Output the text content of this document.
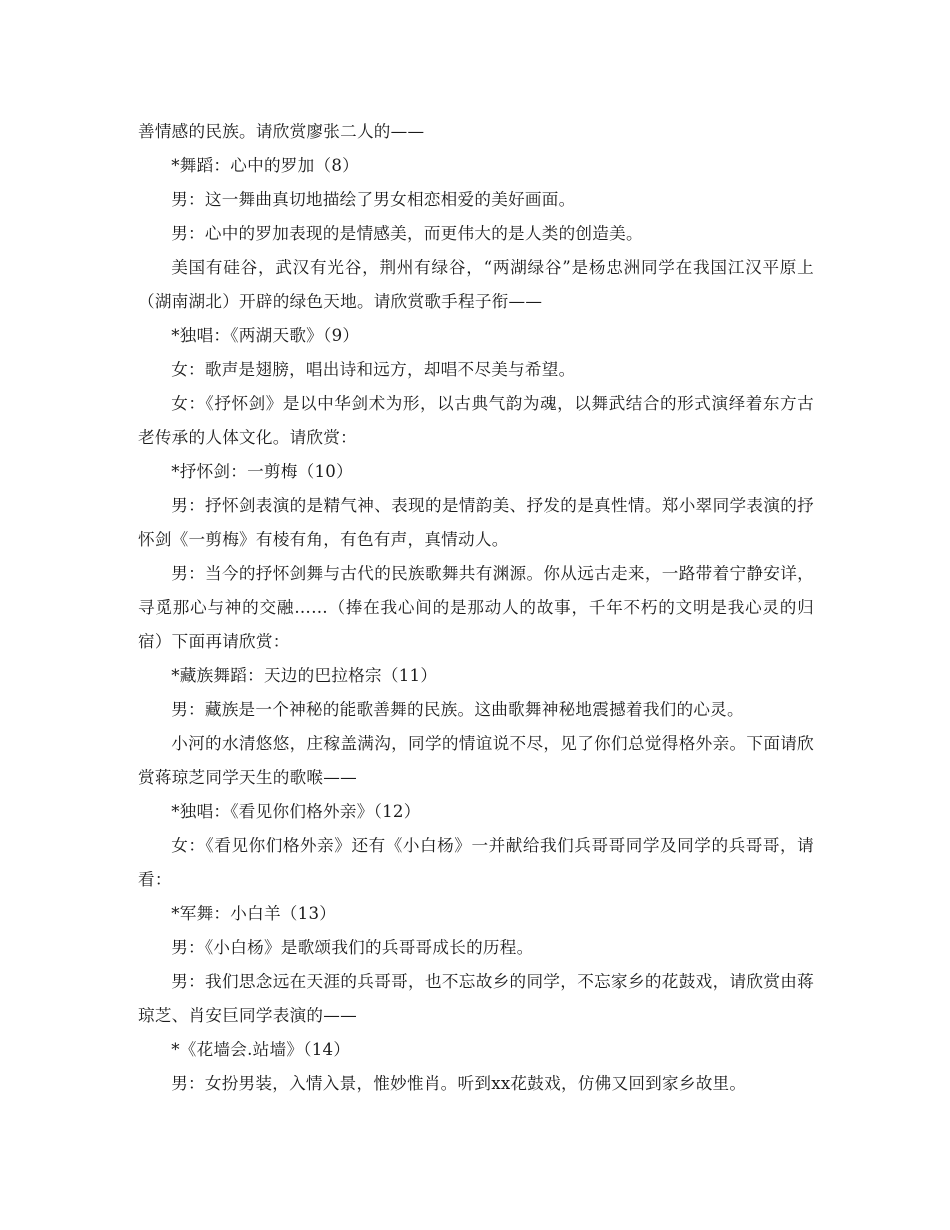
善情感的民族。请欣赏廖张二人的——

*舞蹈：心中的罗加（8）

男：这一舞曲真切地描绘了男女相恋相爱的美好画面。

男：心中的罗加表现的是情感美，而更伟大的是人类的创造美。

美国有硅谷，武汉有光谷，荆州有绿谷，“两湖绿谷”是杨忠洲同学在我国江汉平原上（湖南湖北）开辟的绿色天地。请欣赏歌手程子衔——

*独唱：《两湖天歌》（9）

女：歌声是翅膀，唱出诗和远方，却唱不尽美与希望。

女：《抒怀剑》是以中华剑术为形，以古典气韵为魂，以舞武结合的形式演绎着东方古老传承的人体文化。请欣赏：

*抒怀剑：一剪梅（10）

男：抒怀剑表演的是精气神、表现的是情韵美、抒发的是真性情。郑小翠同学表演的抒怀剑《一剪梅》有棱有角，有色有声，真情动人。

男：当今的抒怀剑舞与古代的民族歌舞共有渊源。你从远古走来，一路带着宁静安详，寻觅那心与神的交融……（捧在我心间的是那动人的故事，千年不朽的文明是我心灵的归宿）下面再请欣赏：

*藏族舞蹈：天边的巴拉格宗（11）

男：藏族是一个神秘的能歌善舞的民族。这曲歌舞神秘地震撼着我们的心灵。

小河的水清悠悠，庄稼盖满沟，同学的情谊说不尽，见了你们总觉得格外亲。下面请欣赏蒋琼芝同学天生的歌喉——

*独唱：《看见你们格外亲》（12）

女：《看见你们格外亲》还有《小白杨》一并献给我们兵哥哥同学及同学的兵哥哥，请看：

*军舞：小白羊（13）

男：《小白杨》是歌颂我们的兵哥哥成长的历程。

男：我们思念远在天涯的兵哥哥，也不忘故乡的同学，不忘家乡的花鼓戏，请欣赏由蒋琼芝、肖安巨同学表演的——

*《花墙会.站墙》（14）

男：女扮男装，入情入景，惟妙惟肖。听到xx花鼓戏，仿佛又回到家乡故里。
